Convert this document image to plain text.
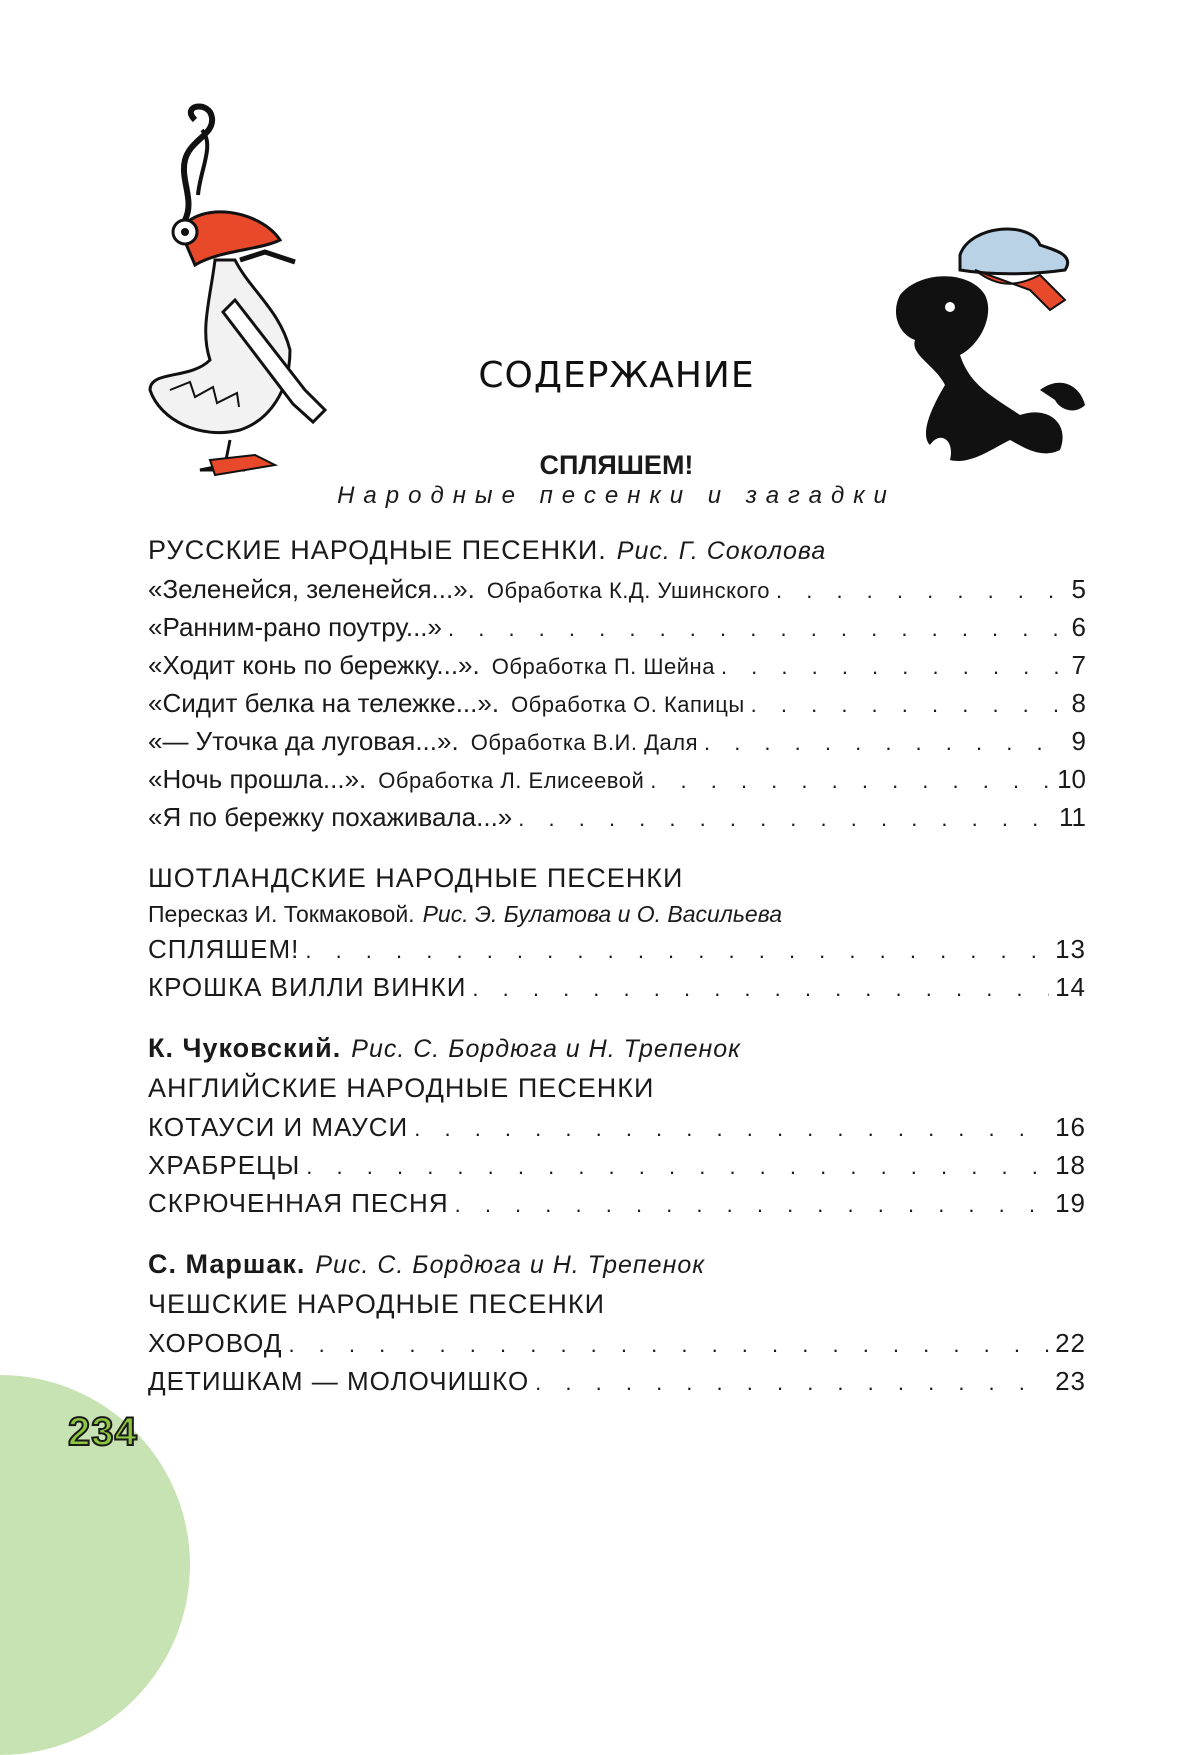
СОДЕРЖАНИЕ
СПЛЯШЕМ!
Народные песенки и загадки
РУССКИЕ НАРОДНЫЕ ПЕСЕНКИ. Рис. Г. Соколова
«Зеленейся, зеленейся...». Обработка К.Д. Ушинского . . .	5
«Ранним-рано поутру...» . . .	6
«Ходит конь по бережку...». Обработка П. Шейна . . .	7
«Сидит белка на тележке...». Обработка О. Капицы . . .	8
«— Уточка да луговая...». Обработка В.И. Даля . . .	9
«Ночь прошла...». Обработка Л. Елисеевой . . .	10
«Я по бережку похаживала...» . . .	11
ШОТЛАНДСКИЕ НАРОДНЫЕ ПЕСЕНКИ
Пересказ И. Токмаковой. Рис. Э. Булатова и О. Васильева
СПЛЯШЕМ! . . .	13
КРОШКА ВИЛЛИ ВИНКИ . . .	14
К. Чуковский. Рис. С. Бордюга и Н. Трепенок
АНГЛИЙСКИЕ НАРОДНЫЕ ПЕСЕНКИ
КОТАУСИ И МАУСИ . . .	16
ХРАБРЕЦЫ . . .	18
СКРЮЧЕННАЯ ПЕСНЯ . . .	19
С. Маршак. Рис. С. Бордюга и Н. Трепенок
ЧЕШСКИЕ НАРОДНЫЕ ПЕСЕНКИ
ХОРОВОД . . .	22
ДЕТИШКАМ — МОЛОЧИШКО . . .	23
234
